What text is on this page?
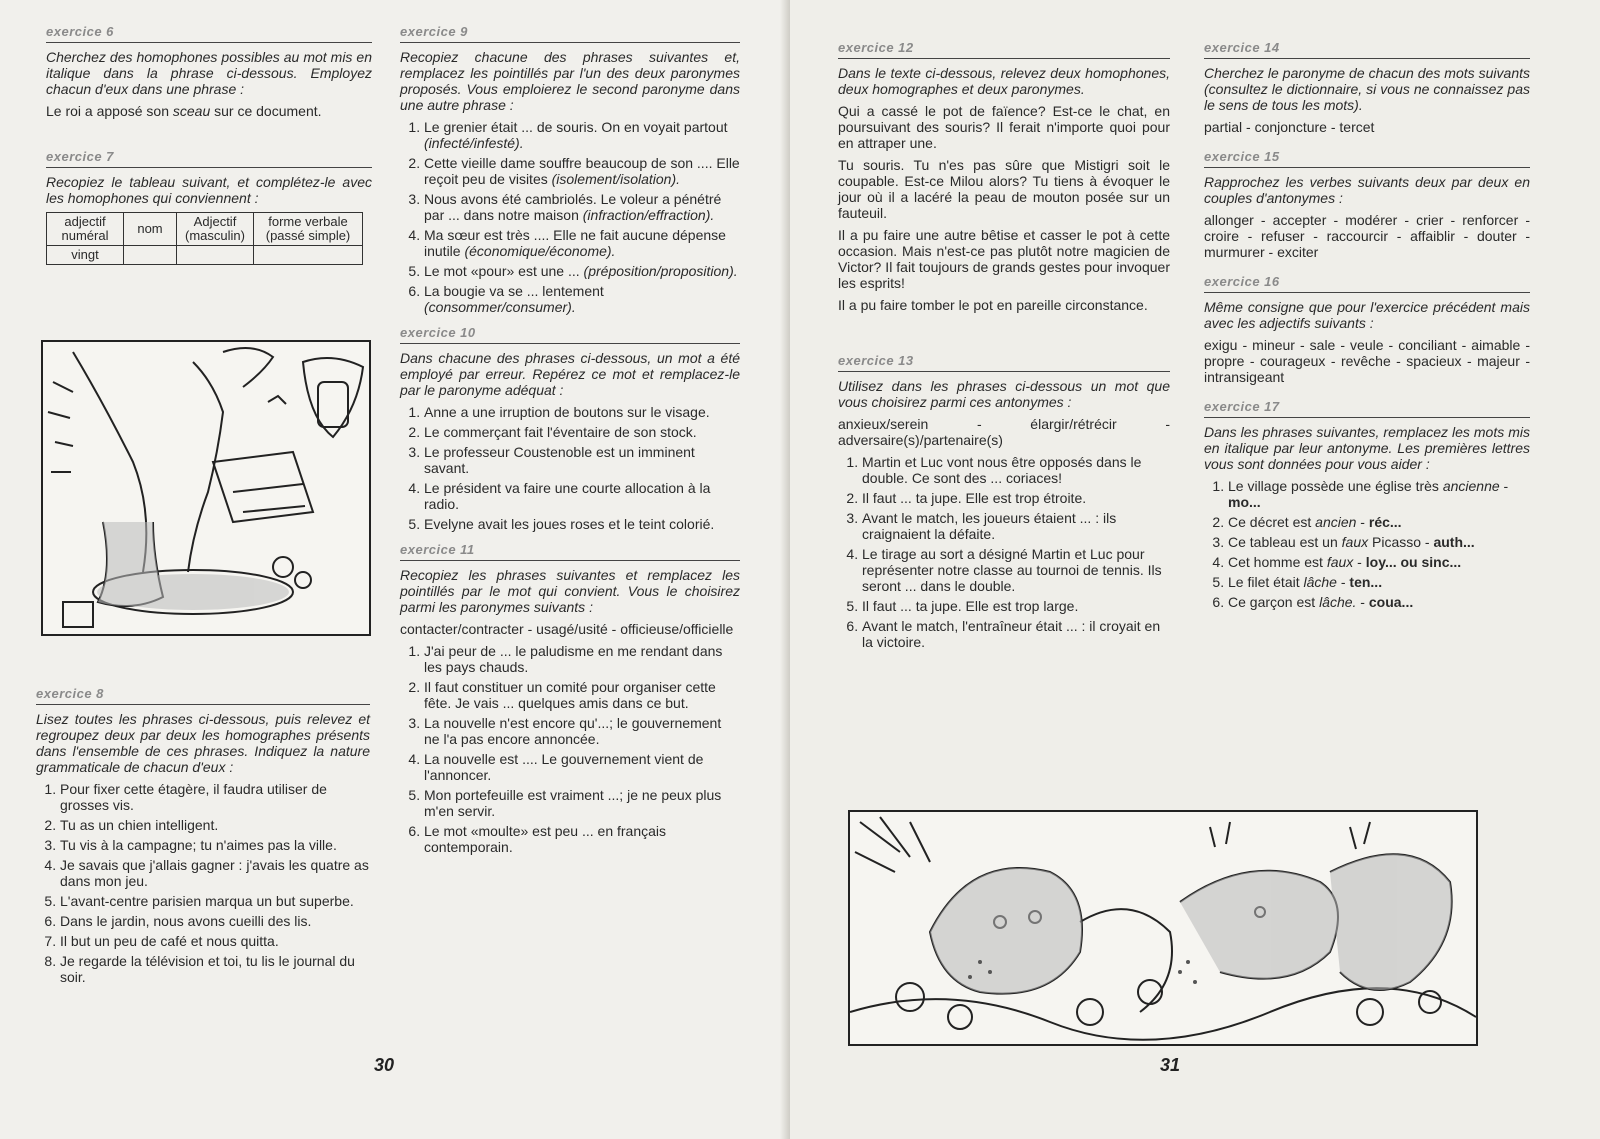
exercice 6
Cherchez des homophones possibles au mot mis en italique dans la phrase ci-dessous. Employez chacun d'eux dans une phrase :
Le roi a apposé son sceau sur ce document.
exercice 7
Recopiez le tableau suivant, et complétez-le avec les homophones qui conviennent :
adjectif numéral	nom	Adjectif (masculin)	forme verbale (passé simple)
vingt			
exercice 8
Lisez toutes les phrases ci-dessous, puis relevez et regroupez deux par deux les homographes présents dans l'ensemble de ces phrases. Indiquez la nature grammaticale de chacun d'eux :
1. Pour fixer cette étagère, il faudra utiliser de grosses vis.
2. Tu as un chien intelligent.
3. Tu vis à la campagne; tu n'aimes pas la ville.
4. Je savais que j'allais gagner : j'avais les quatre as dans mon jeu.
5. L'avant-centre parisien marqua un but superbe.
6. Dans le jardin, nous avons cueilli des lis.
7. Il but un peu de café et nous quitta.
8. Je regarde la télévision et toi, tu lis le journal du soir.
exercice 9
Recopiez chacune des phrases suivantes et, remplacez les pointillés par l'un des deux paronymes proposés. Vous emploierez le second paronyme dans une autre phrase :
1. Le grenier était ... de souris. On en voyait partout (infecté/infesté).
2. Cette vieille dame souffre beaucoup de son .... Elle reçoit peu de visites (isolement/isolation).
3. Nous avons été cambriolés. Le voleur a pénétré par ... dans notre maison (infraction/effraction).
4. Ma sœur est très .... Elle ne fait aucune dépense inutile (économique/économe).
5. Le mot «pour» est une ... (préposition/proposition).
6. La bougie va se ... lentement (consommer/consumer).
exercice 10
Dans chacune des phrases ci-dessous, un mot a été employé par erreur. Repérez ce mot et remplacez-le par le paronyme adéquat :
1. Anne a une irruption de boutons sur le visage.
2. Le commerçant fait l'éventaire de son stock.
3. Le professeur Coustenoble est un imminent savant.
4. Le président va faire une courte allocation à la radio.
5. Evelyne avait les joues roses et le teint colorié.
exercice 11
Recopiez les phrases suivantes et remplacez les pointillés par le mot qui convient. Vous le choisirez parmi les paronymes suivants :
contacter/contracter - usagé/usité - officieuse/officielle
1. J'ai peur de ... le paludisme en me rendant dans les pays chauds.
2. Il faut constituer un comité pour organiser cette fête. Je vais ... quelques amis dans ce but.
3. La nouvelle n'est encore qu'...; le gouvernement ne l'a pas encore annoncée.
4. La nouvelle est .... Le gouvernement vient de l'annoncer.
5. Mon portefeuille est vraiment ...; je ne peux plus m'en servir.
6. Le mot «moulte» est peu ... en français contemporain.
30
exercice 12
Dans le texte ci-dessous, relevez deux homophones, deux homographes et deux paronymes.
Qui a cassé le pot de faïence? Est-ce le chat, en poursuivant des souris? Il ferait n'importe quoi pour en attraper une.
Tu souris. Tu n'es pas sûre que Mistigri soit le coupable. Est-ce Milou alors? Tu tiens à évoquer le jour où il a lacéré la peau de mouton posée sur un fauteuil.
Il a pu faire une autre bêtise et casser le pot à cette occasion. Mais n'est-ce pas plutôt notre magicien de Victor? Il fait toujours de grands gestes pour invoquer les esprits!
Il a pu faire tomber le pot en pareille circonstance.
exercice 13
Utilisez dans les phrases ci-dessous un mot que vous choisirez parmi ces antonymes :
anxieux/serein - élargir/rétrécir - adversaire(s)/partenaire(s)
1. Martin et Luc vont nous être opposés dans le double. Ce sont des ... coriaces!
2. Il faut ... ta jupe. Elle est trop étroite.
3. Avant le match, les joueurs étaient ... : ils craignaient la défaite.
4. Le tirage au sort a désigné Martin et Luc pour représenter notre classe au tournoi de tennis. Ils seront ... dans le double.
5. Il faut ... ta jupe. Elle est trop large.
6. Avant le match, l'entraîneur était ... : il croyait en la victoire.
exercice 14
Cherchez le paronyme de chacun des mots suivants (consultez le dictionnaire, si vous ne connaissez pas le sens de tous les mots).
partial - conjoncture - tercet
exercice 15
Rapprochez les verbes suivants deux par deux en couples d'antonymes :
allonger - accepter - modérer - crier - renforcer - croire - refuser - raccourcir - affaiblir - douter - murmurer - exciter
exercice 16
Même consigne que pour l'exercice précédent mais avec les adjectifs suivants :
exigu - mineur - sale - veule - conciliant - aimable - propre - courageux - revêche - spacieux - majeur - intransigeant
exercice 17
Dans les phrases suivantes, remplacez les mots mis en italique par leur antonyme. Les premières lettres vous sont données pour vous aider :
1. Le village possède une église très ancienne - mo...
2. Ce décret est ancien - réc...
3. Ce tableau est un faux Picasso - auth...
4. Cet homme est faux - loy... ou sinc...
5. Le filet était lâche - ten...
6. Ce garçon est lâche. - coua...
31
